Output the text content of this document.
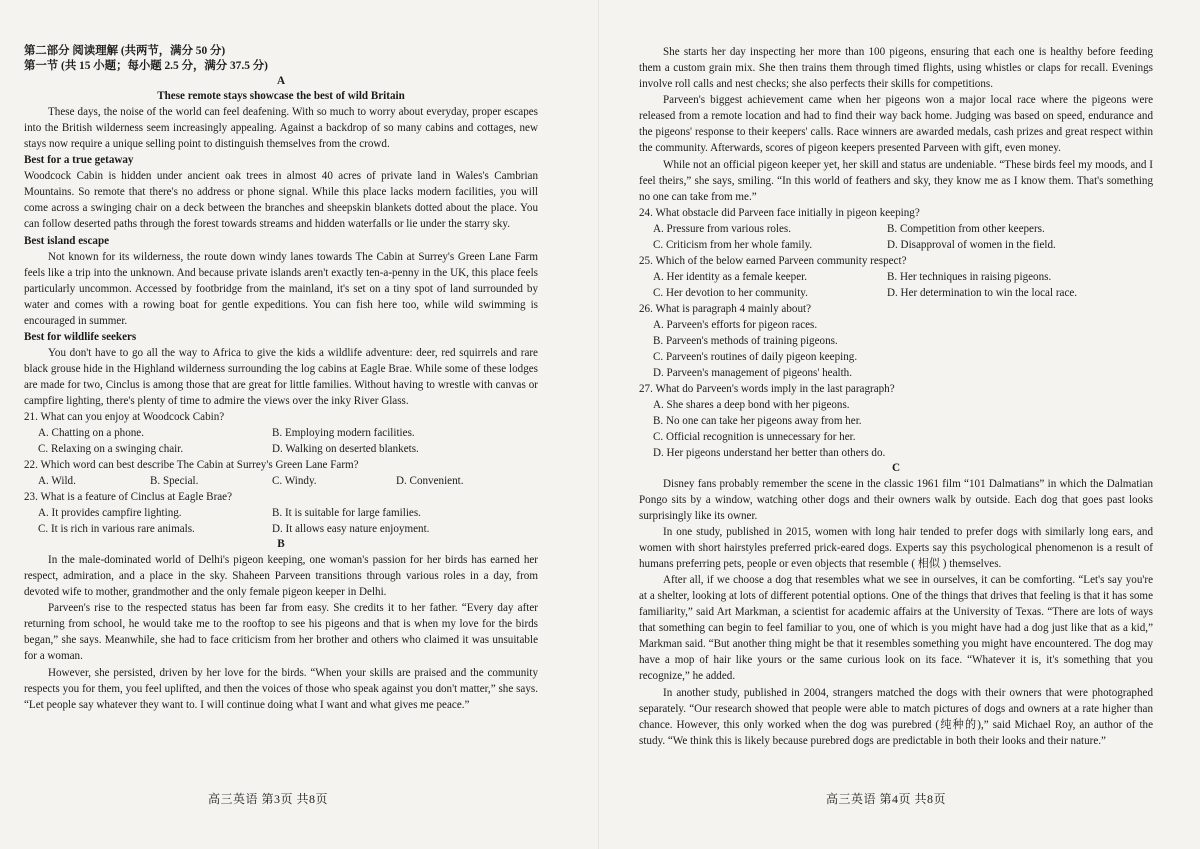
第二部分 阅读理解 (共两节，满分 50 分)
第一节 (共 15 小题；每小题 2.5 分，满分 37.5 分)
A
These remote stays showcase the best of wild Britain
These days, the noise of the world can feel deafening. With so much to worry about everyday, proper escapes into the British wilderness seem increasingly appealing. Against a backdrop of so many cabins and cottages, new stays now require a unique selling point to distinguish themselves from the crowd.
Best for a true getaway
Woodcock Cabin is hidden under ancient oak trees in almost 40 acres of private land in Wales's Cambrian Mountains. So remote that there's no address or phone signal. While this place lacks modern facilities, you will come across a swinging chair on a deck between the branches and sheepskin blankets dotted about the place. You can follow deserted paths through the forest towards streams and hidden waterfalls or lie under the starry sky.
Best island escape
Not known for its wilderness, the route down windy lanes towards The Cabin at Surrey's Green Lane Farm feels like a trip into the unknown. And because private islands aren't exactly ten-a-penny in the UK, this place feels particularly uncommon. Accessed by footbridge from the mainland, it's set on a tiny spot of land surrounded by water and comes with a rowing boat for gentle expeditions. You can fish here too, while wild swimming is encouraged in summer.
Best for wildlife seekers
You don't have to go all the way to Africa to give the kids a wildlife adventure: deer, red squirrels and rare black grouse hide in the Highland wilderness surrounding the log cabins at Eagle Brae. While some of these lodges are made for two, Cinclus is among those that are great for little families. Without having to wrestle with canvas or campfire lighting, there's plenty of time to admire the views over the inky River Glass.
21. What can you enjoy at Woodcock Cabin?
A. Chatting on a phone.	B. Employing modern facilities.
C. Relaxing on a swinging chair.	D. Walking on deserted blankets.
22. Which word can best describe The Cabin at Surrey's Green Lane Farm?
A. Wild.	B. Special.	C. Windy.	D. Convenient.
23. What is a feature of Cinclus at Eagle Brae?
A. It provides campfire lighting.	B. It is suitable for large families.
C. It is rich in various rare animals.	D. It allows easy nature enjoyment.
B
In the male-dominated world of Delhi's pigeon keeping, one woman's passion for her birds has earned her respect, admiration, and a place in the sky. Shaheen Parveen transitions through various roles in a day, from devoted wife to mother, grandmother and the only female pigeon keeper in Delhi.
Parveen's rise to the respected status has been far from easy. She credits it to her father. “Every day after returning from school, he would take me to the rooftop to see his pigeons and that is when my love for the birds began,” she says. Meanwhile, she had to face criticism from her brother and others who claimed it was unsuitable for a woman.
However, she persisted, driven by her love for the birds. “When your skills are praised and the community respects you for them, you feel uplifted, and then the voices of those who speak against you don't matter,” she says. “Let people say whatever they want to. I will continue doing what I want and what gives me peace.”
She starts her day inspecting her more than 100 pigeons, ensuring that each one is healthy before feeding them a custom grain mix. She then trains them through timed flights, using whistles or claps for recall. Evenings involve roll calls and nest checks; she also perfects their skills for competitions.
Parveen's biggest achievement came when her pigeons won a major local race where the pigeons were released from a remote location and had to find their way back home. Judging was based on speed, endurance and the pigeons' response to their keepers' calls. Race winners are awarded medals, cash prizes and great respect within the community. Afterwards, scores of pigeon keepers presented Parveen with gift, even money.
While not an official pigeon keeper yet, her skill and status are undeniable. “These birds feel my moods, and I feel theirs,” she says, smiling. “In this world of feathers and sky, they know me as I know them. That's something no one can take from me.”
24. What obstacle did Parveen face initially in pigeon keeping?
A. Pressure from various roles.	B. Competition from other keepers.
C. Criticism from her whole family.	D. Disapproval of women in the field.
25. Which of the below earned Parveen community respect?
A. Her identity as a female keeper.	B. Her techniques in raising pigeons.
C. Her devotion to her community.	D. Her determination to win the local race.
26. What is paragraph 4 mainly about?
A. Parveen's efforts for pigeon races.
B. Parveen's methods of training pigeons.
C. Parveen's routines of daily pigeon keeping.
D. Parveen's management of pigeons' health.
27. What do Parveen's words imply in the last paragraph?
A. She shares a deep bond with her pigeons.
B. No one can take her pigeons away from her.
C. Official recognition is unnecessary for her.
D. Her pigeons understand her better than others do.
C
Disney fans probably remember the scene in the classic 1961 film “101 Dalmatians” in which the Dalmatian Pongo sits by a window, watching other dogs and their owners walk by outside. Each dog that goes past looks surprisingly like its owner.
In one study, published in 2015, women with long hair tended to prefer dogs with similarly long ears, and women with short hairstyles preferred prick-eared dogs. Experts say this psychological phenomenon is a result of humans preferring pets, people or even objects that resemble ( 相似 ) themselves.
After all, if we choose a dog that resembles what we see in ourselves, it can be comforting. “Let's say you're at a shelter, looking at lots of different potential options. One of the things that drives that feeling is that it has some familiarity,” said Art Markman, a scientist for academic affairs at the University of Texas. “There are lots of ways that something can begin to feel familiar to you, one of which is you might have had a dog just like that as a kid,” Markman said. “But another thing might be that it resembles something you might have encountered. The dog may have a mop of hair like yours or the same curious look on its face. “Whatever it is, it's something that you recognize,” he added.
In another study, published in 2004, strangers matched the dogs with their owners that were photographed separately. “Our research showed that people were able to match pictures of dogs and owners at a rate higher than chance. However, this only worked when the dog was purebred (纯种的),” said Michael Roy, an author of the study. “We think this is likely because purebred dogs are predictable in both their looks and their nature.”
高三英语 第3页 共8页	高三英语 第4页 共8页
